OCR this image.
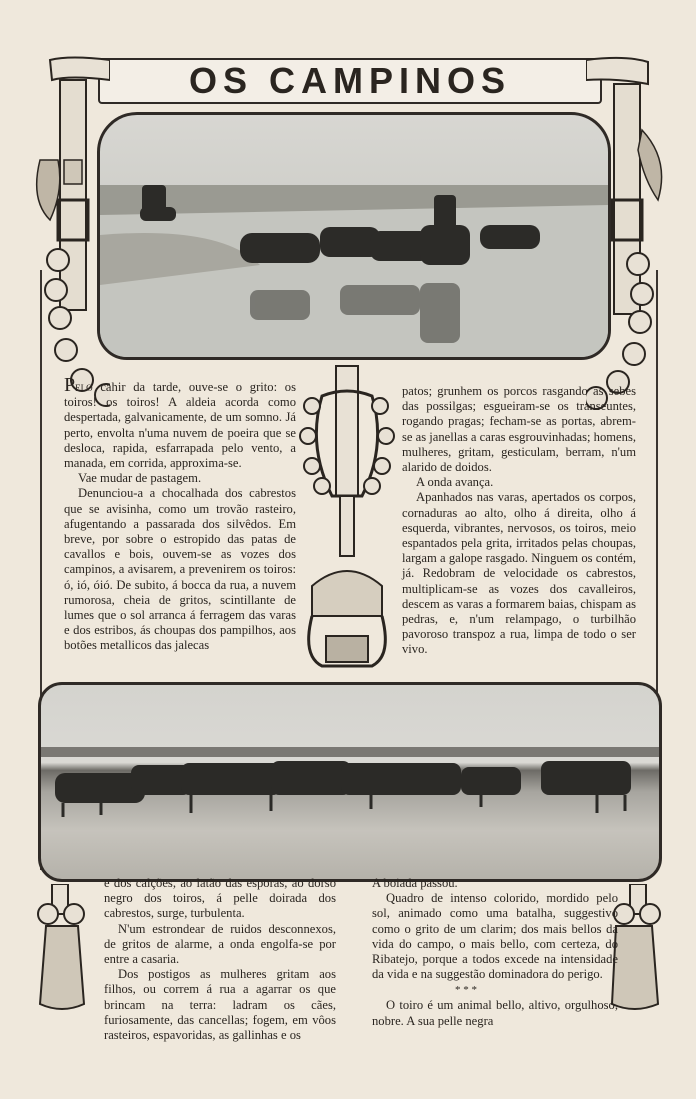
OS CAMPINOS

Pelo cahir da tarde, ouve-se o grito: os toiros! os toiros! A aldeia acorda como despertada, galvanicamente, de um somno. Já perto, envolta n'uma nuvem de poeira que se desloca, rapida, esfarrapada pelo vento, a manada, em corrida, approxima-se.

Vae mudar de pastagem.

Denunciou-a a chocalhada dos cabrestos que se avisinha, como um trovão rasteiro, afugentando a passarada dos silvêdos. Em breve, por sobre o estropido das patas de cavallos e bois, ouvem-se as vozes dos campinos, a avisarem, a prevenirem os toiros: ó, ió, óió. De subito, á bocca da rua, a nuvem rumorosa, cheia de gritos, scintillante de lumes que o sol arranca á ferragem das varas e dos estribos, ás choupas dos pampilhos, aos botões metallicos das jalecas

patos; grunhem os porcos rasgando as sebes das possilgas; esgueiram-se os transeuntes, rogando pragas; fecham-se as portas, abrem-se as janellas a caras esgrouvinhadas; homens, mulheres, gritam, gesticulam, berram, n'um alarido de doidos.

A onda avança.

Apanhados nas varas, apertados os corpos, cornaduras ao alto, olho á direita, olho á esquerda, vibrantes, nervosos, os toiros, meio espantados pela grita, irritados pelas choupas, largam a galope rasgado. Ninguem os contém, já. Redobram de velocidade os cabrestos, multiplicam-se as vozes dos cavalleiros, descem as varas a formarem baias, chispam as pedras, e, n'um relampago, o turbilhão pavoroso transpoz a rua, limpa de todo o ser vivo.

e dos calções, ao latão das esporas, ao dorso negro dos toiros, á pelle doirada dos cabrestos, surge, turbulenta.

N'um estrondear de ruidos desconnexos, de gritos de alarme, a onda engolfa-se por entre a casaria.

Dos postigos as mulheres gritam aos filhos, ou correm á rua a agarrar os que brincam na terra: ladram os cães, furiosamente, das cancellas; fogem, em vôos rasteiros, espavoridas, as gallinhas e os

A boiada passou.

Quadro de intenso colorido, mordido pelo sol, animado como uma batalha, suggestivo como o grito de um clarim; dos mais bellos da vida do campo, o mais bello, com certeza, do Ribatejo, porque a todos excede na intensidade da vida e na suggestão dominadora do perigo.

O toiro é um animal bello, altivo, orgulhoso, nobre. A sua pelle negra

* * *
